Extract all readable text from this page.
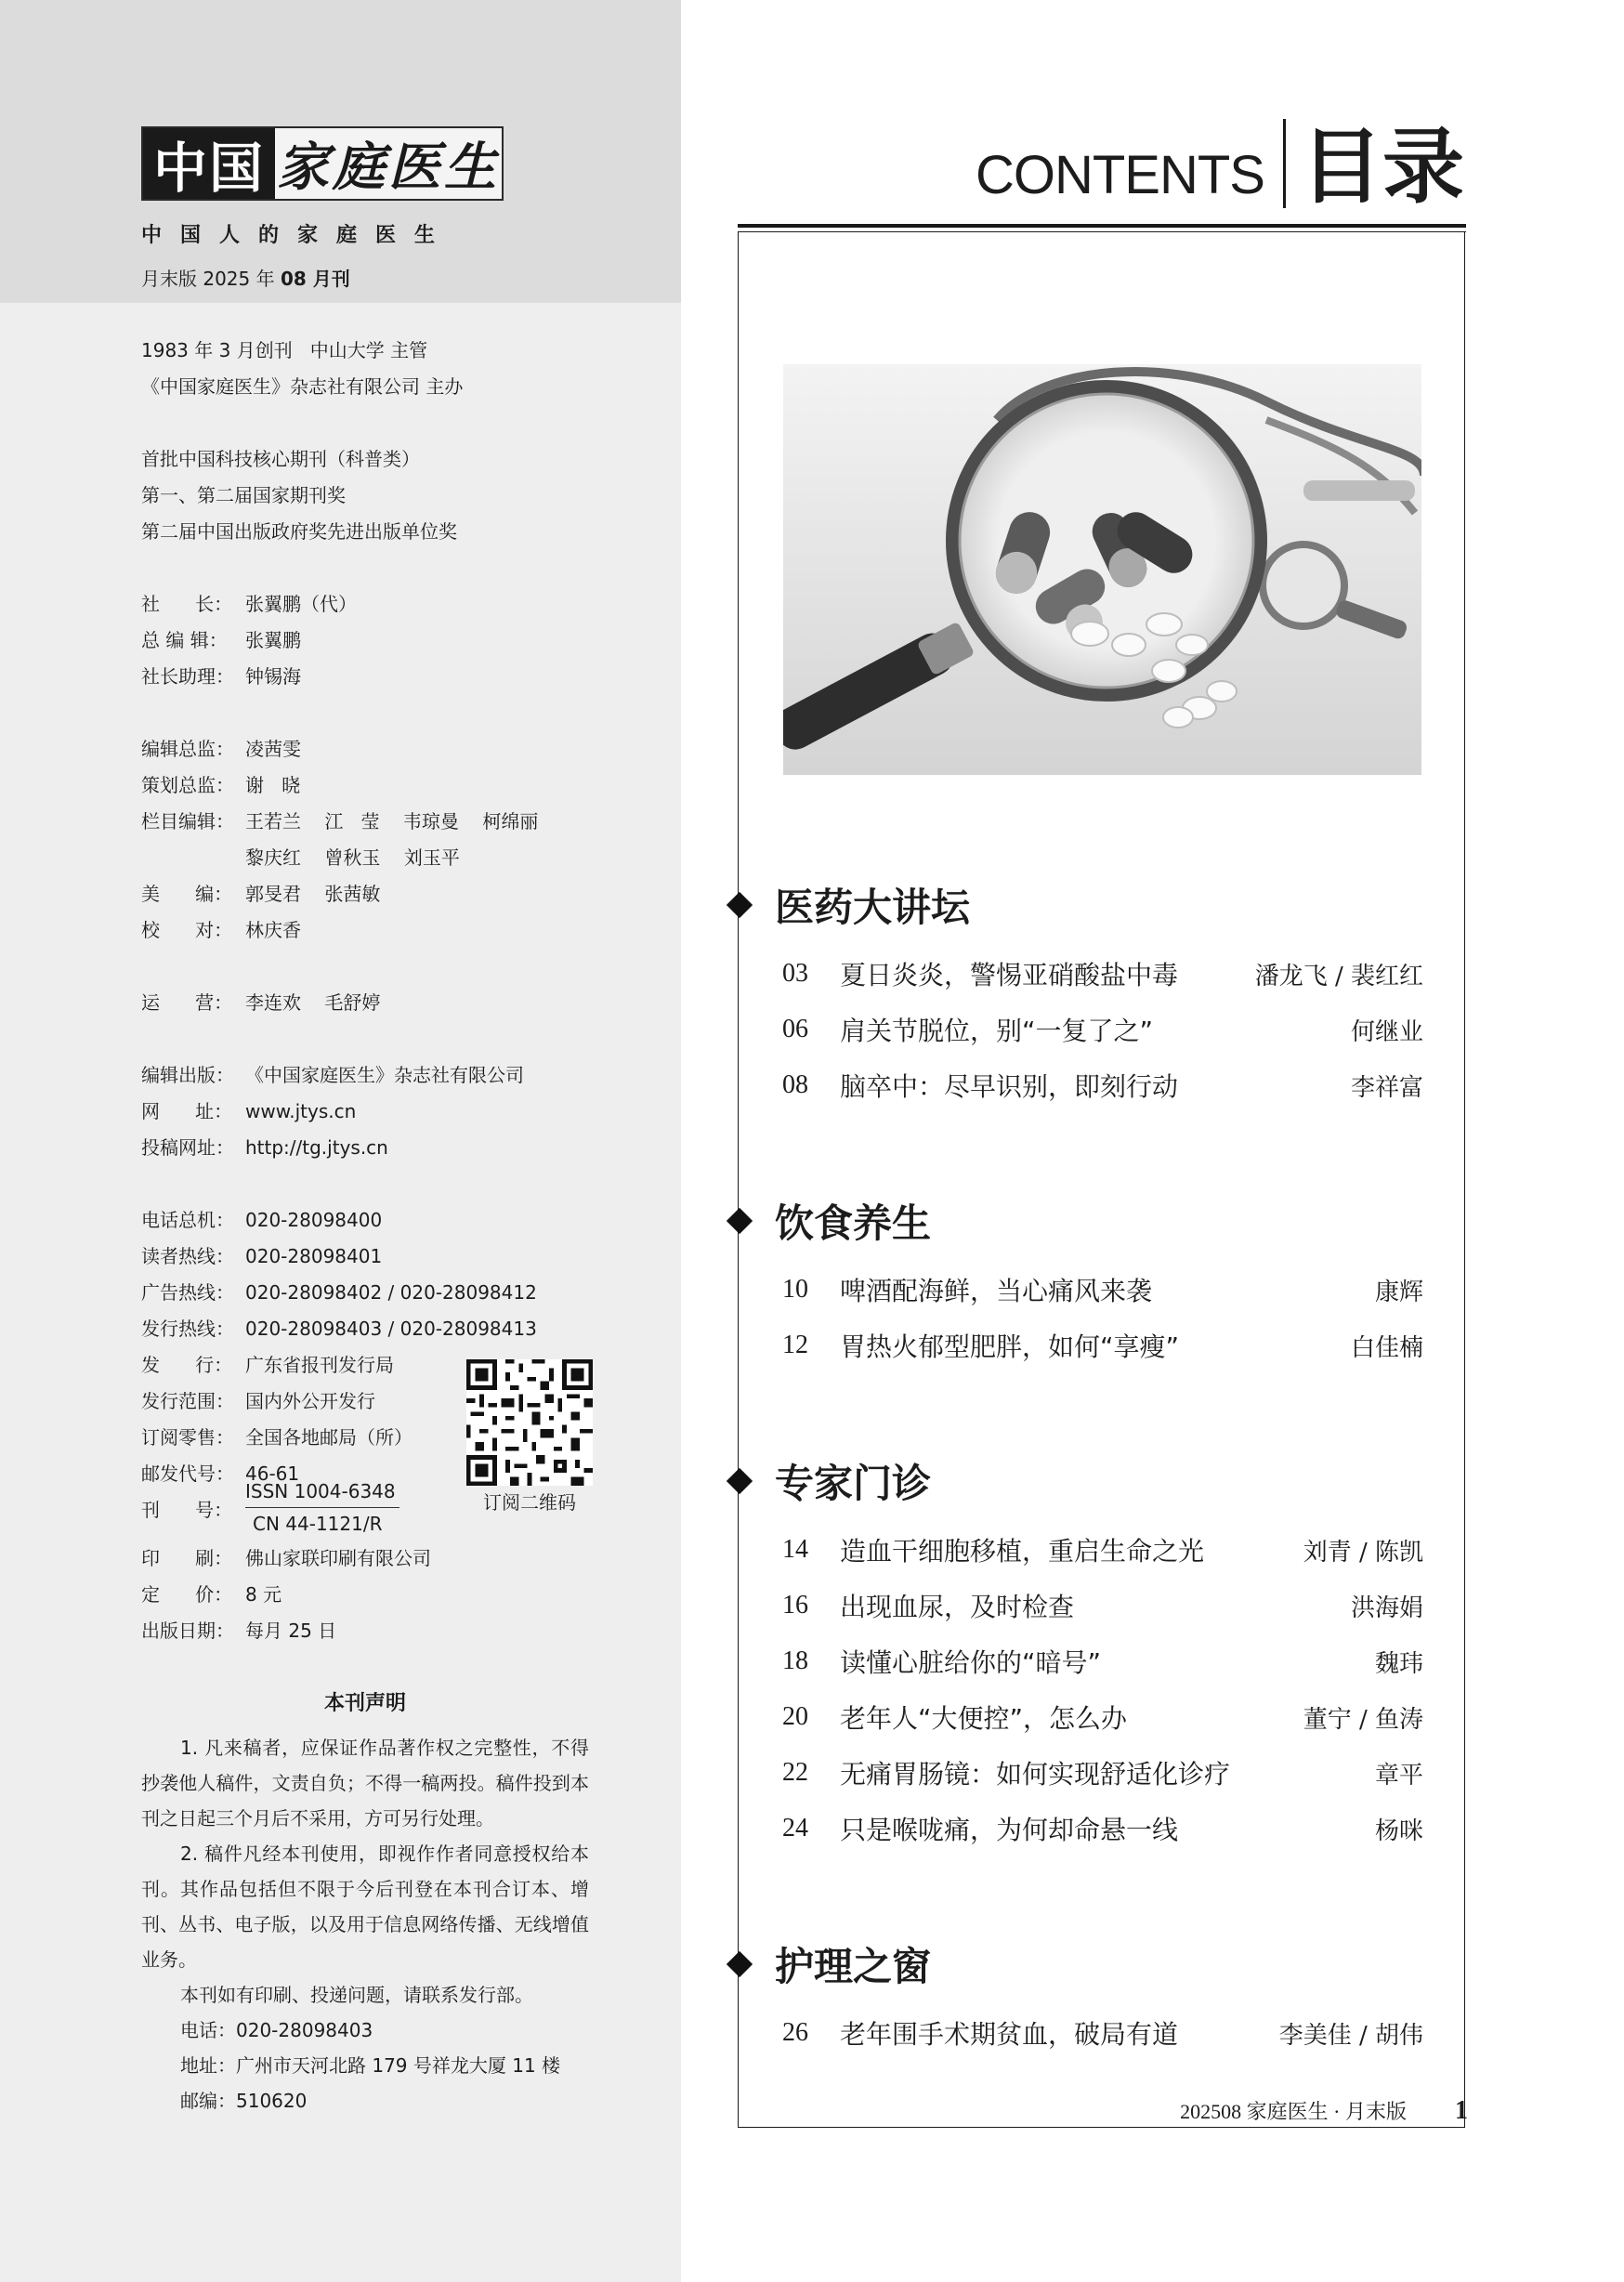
中国 家庭医生
中国人的家庭医生
月末版 2025 年 08 月刊
1983 年 3 月创刊   中山大学 主管
《中国家庭医生》杂志社有限公司 主办
首批中国科技核心期刊（科普类）
第一、第二届国家期刊奖
第二届中国出版政府奖先进出版单位奖
社      长： 张翼鹏（代）
总 编 辑： 张翼鹏
社长助理： 钟锡海
编辑总监： 凌茜雯
策划总监： 谢   晓
栏目编辑： 王若兰    江   莹    韦琼曼    柯绵丽
黎庆红    曾秋玉    刘玉平
美      编： 郭旻君    张茜敏
校      对： 林庆香
运      营： 李连欢    毛舒婷
编辑出版： 《中国家庭医生》杂志社有限公司
网      址： www.jtys.cn
投稿网址： http://tg.jtys.cn
电话总机： 020-28098400
读者热线： 020-28098401
广告热线： 020-28098402 / 020-28098412
发行热线： 020-28098403 / 020-28098413
发      行： 广东省报刊发行局
发行范围： 国内外公开发行
订阅零售： 全国各地邮局（所）
邮发代号： 46-61
刊      号：
ISSN 1004-6348
CN 44-1121/R
订阅二维码
印      刷： 佛山家联印刷有限公司
定      价： 8 元
出版日期： 每月 25 日
本刊声明

1. 凡来稿者，应保证作品著作权之完整性，不得抄袭他人稿件，文责自负；不得一稿两投。稿件投到本刊之日起三个月后不采用，方可另行处理。

2. 稿件凡经本刊使用，即视作作者同意授权给本刊。其作品包括但不限于今后刊登在本刊合订本、增刊、丛书、电子版，以及用于信息网络传播、无线增值业务。

本刊如有印刷、投递问题，请联系发行部。

电话：020-28098403

地址：广州市天河北路 179 号祥龙大厦 11 楼

邮编：510620

CONTENTS 目录
医药大讲坛
03	夏日炎炎，警惕亚硝酸盐中毒	潘龙飞 / 裴红红
06	肩关节脱位，别“一复了之”	何继业
08	脑卒中：尽早识别，即刻行动	李祥富
饮食养生
10	啤酒配海鲜，当心痛风来袭	康辉
12	胃热火郁型肥胖，如何“享瘦”	白佳楠
专家门诊
14	造血干细胞移植，重启生命之光	刘青 / 陈凯
16	出现血尿，及时检查	洪海娟
18	读懂心脏给你的“暗号”	魏玮
20	老年人“大便控”，怎么办	董宁 / 鱼涛
22	无痛胃肠镜：如何实现舒适化诊疗	章平
24	只是喉咙痛，为何却命悬一线	杨咪
护理之窗
26	老年围手术期贫血，破局有道	李美佳 / 胡伟
202508 家庭医生 · 月末版 1
